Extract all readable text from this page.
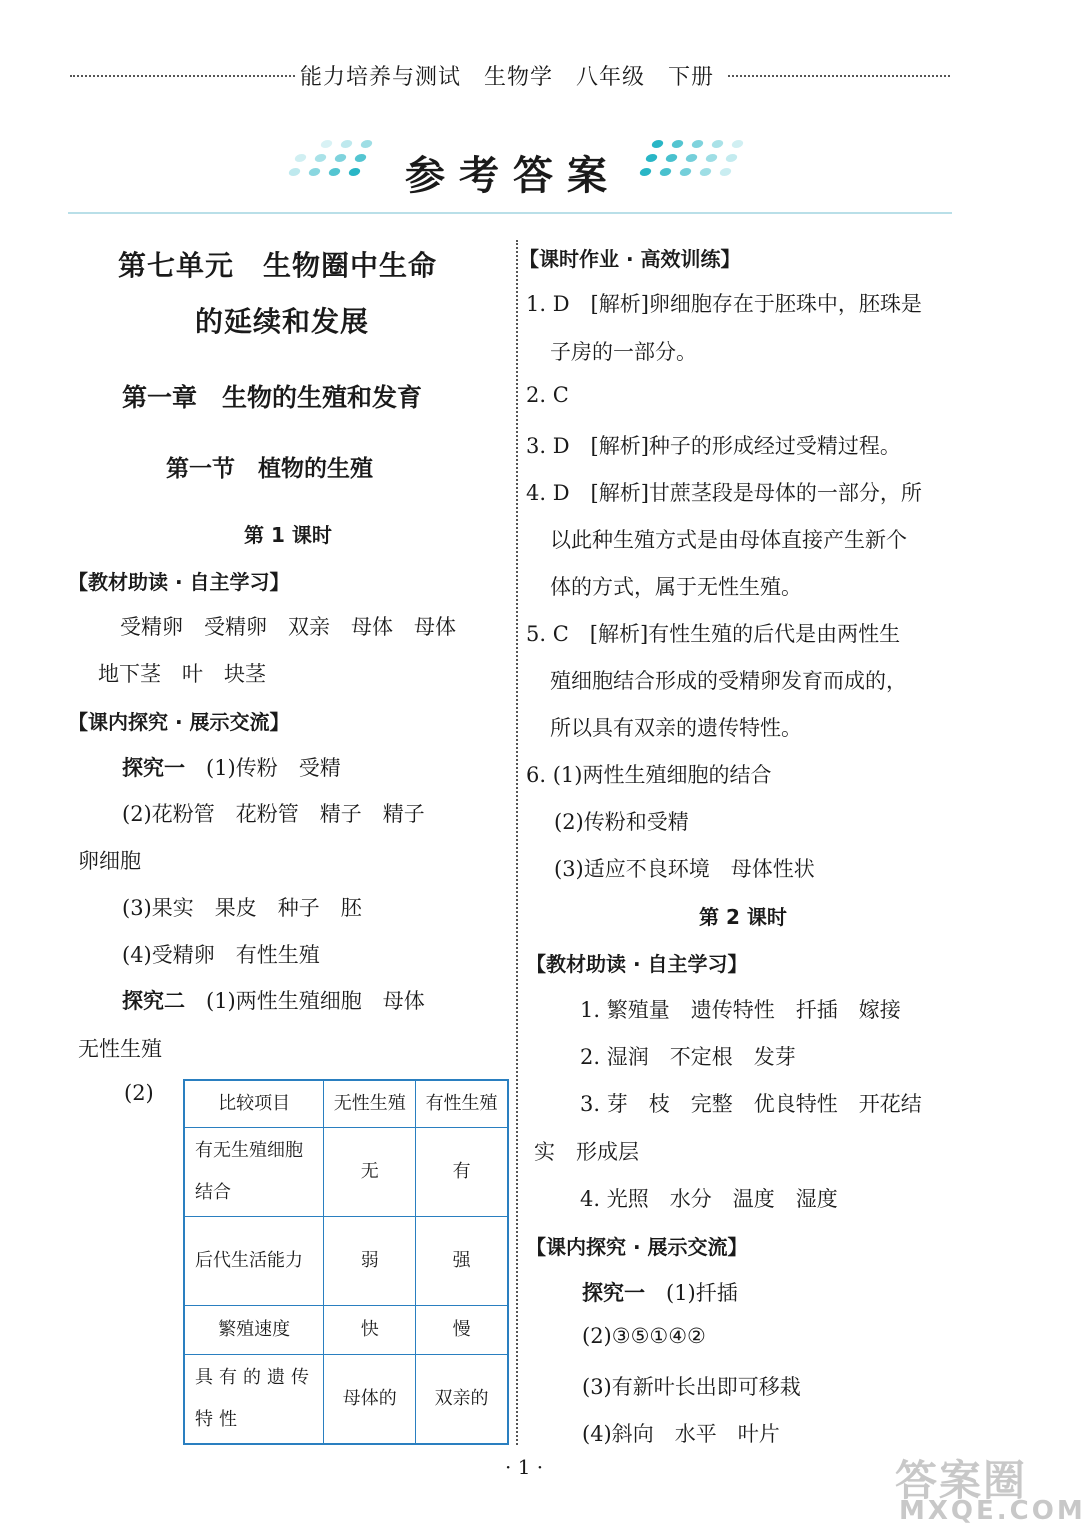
能力培养与测试　生物学　八年级　下册
参考答案
第七单元　生物圈中生命
的延续和发展
第一章　生物的生殖和发育
第一节　植物的生殖
第 1 课时
【教材助读 · 自主学习】
受精卵　受精卵　双亲　母体　母体
地下茎　叶　块茎
【课内探究 · 展示交流】
探究一　 (1)传粉　受精
(2)花粉管　花粉管　精子　精子
卵细胞
(3)果实　果皮　种子　胚
(4)受精卵　有性生殖
探究二　 (1)两性生殖细胞　母体
无性生殖
(2)	比较项目	无性生殖	有性生殖
有无生殖细胞结合	无	有
后代生活能力	弱	强
繁殖速度	快	慢
具有的遗传特性	母体的	双亲的
【课时作业 · 高效训练】
1. D　[解析]卵细胞存在于胚珠中，胚珠是
子房的一部分。
2. C
3. D　[解析]种子的形成经过受精过程。
4. D　[解析]甘蔗茎段是母体的一部分，所
以此种生殖方式是由母体直接产生新个
体的方式，属于无性生殖。
5. C　[解析]有性生殖的后代是由两性生
殖细胞结合形成的受精卵发育而成的，
所以具有双亲的遗传特性。
6. (1)两性生殖细胞的结合
(2)传粉和受精
(3)适应不良环境　母体性状
第 2 课时
【教材助读 · 自主学习】
1. 繁殖量　遗传特性　扦插　嫁接
2. 湿润　不定根　发芽
3. 芽　枝　完整　优良特性　开花结
实　形成层
4. 光照　水分　温度　湿度
【课内探究 · 展示交流】
探究一　 (1)扦插
(2)③⑤①④②
(3)有新叶长出即可移栽
(4)斜向　水平　叶片
· 1 ·	答案圈
MXQE.COM
